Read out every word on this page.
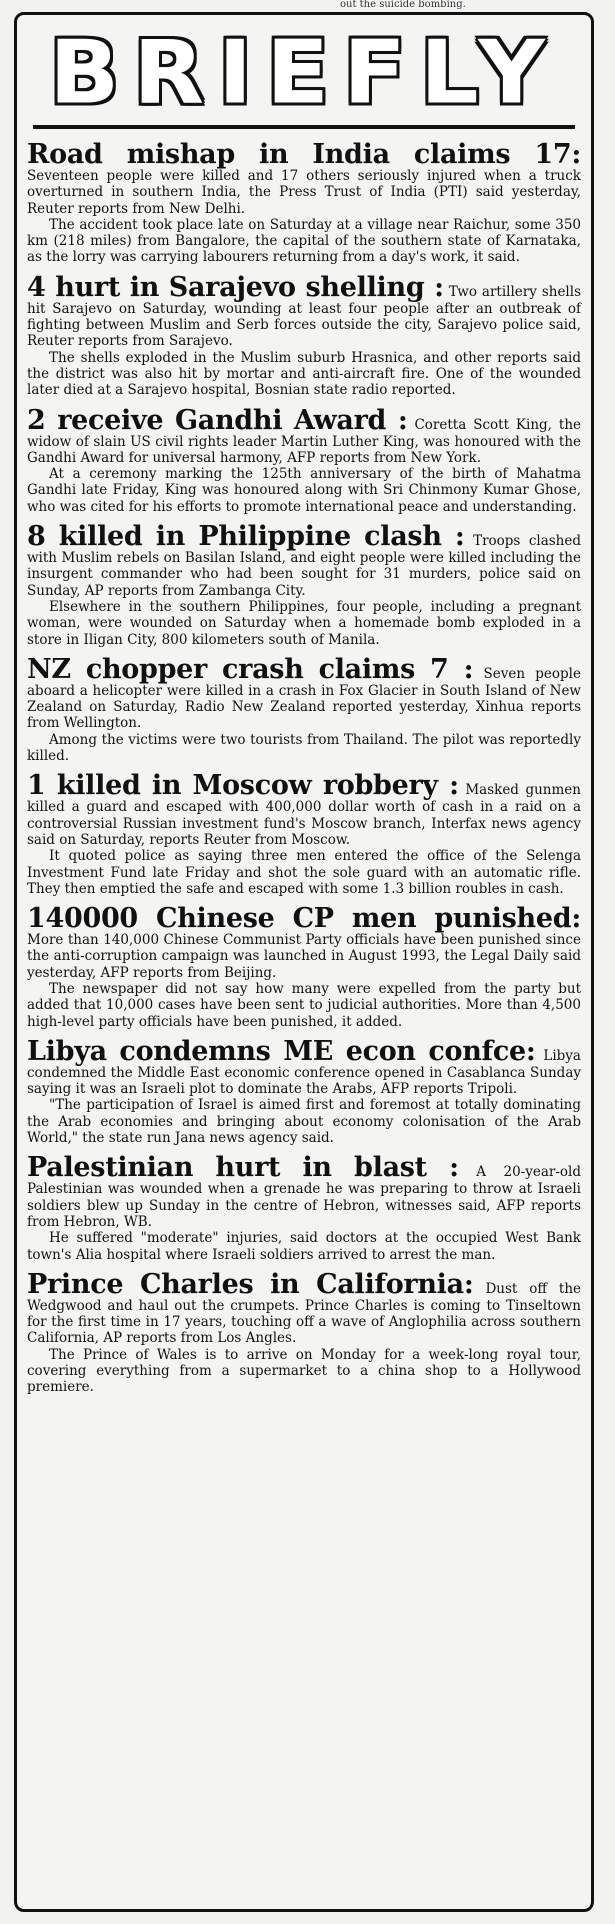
out the suicide bombing.
BRIEFLY

Road mishap in India claims 17: Seventeen people were killed and 17 others seriously injured when a truck overturned in southern India, the Press Trust of India (PTI) said yesterday, Reuter reports from New Delhi.

The accident took place late on Saturday at a village near Raichur, some 350 km (218 miles) from Bangalore, the capital of the southern state of Karnataka, as the lorry was carrying labourers returning from a day's work, it said.

4 hurt in Sarajevo shelling : Two artillery shells hit Sarajevo on Saturday, wounding at least four people after an outbreak of fighting between Muslim and Serb forces outside the city, Sarajevo police said, Reuter reports from Sarajevo.

The shells exploded in the Muslim suburb Hrasnica, and other reports said the district was also hit by mortar and anti-aircraft fire. One of the wounded later died at a Sarajevo hospital, Bosnian state radio reported.

2 receive Gandhi Award : Coretta Scott King, the widow of slain US civil rights leader Martin Luther King, was honoured with the Gandhi Award for universal harmony, AFP reports from New York.

At a ceremony marking the 125th anniversary of the birth of Mahatma Gandhi late Friday, King was honoured along with Sri Chinmony Kumar Ghose, who was cited for his efforts to promote international peace and understanding.

8 killed in Philippine clash : Troops clashed with Muslim rebels on Basilan Island, and eight people were killed including the insurgent commander who had been sought for 31 murders, police said on Sunday, AP reports from Zambanga City.

Elsewhere in the southern Philippines, four people, including a pregnant woman, were wounded on Saturday when a homemade bomb exploded in a store in Iligan City, 800 kilometers south of Manila.

NZ chopper crash claims 7 : Seven people aboard a helicopter were killed in a crash in Fox Glacier in South Island of New Zealand on Saturday, Radio New Zealand reported yesterday, Xinhua reports from Wellington.

Among the victims were two tourists from Thailand. The pilot was reportedly killed.

1 killed in Moscow robbery : Masked gunmen killed a guard and escaped with 400,000 dollar worth of cash in a raid on a controversial Russian investment fund's Moscow branch, Interfax news agency said on Saturday, reports Reuter from Moscow.

It quoted police as saying three men entered the office of the Selenga Investment Fund late Friday and shot the sole guard with an automatic rifle. They then emptied the safe and escaped with some 1.3 billion roubles in cash.

140000 Chinese CP men punished: More than 140,000 Chinese Communist Party officials have been punished since the anti-corruption campaign was launched in August 1993, the Legal Daily said yesterday, AFP reports from Beijing.

The newspaper did not say how many were expelled from the party but added that 10,000 cases have been sent to judicial authorities. More than 4,500 high-level party officials have been punished, it added.

Libya condemns ME econ confce: Libya condemned the Middle East economic conference opened in Casablanca Sunday saying it was an Israeli plot to dominate the Arabs, AFP reports Tripoli.

"The participation of Israel is aimed first and foremost at totally dominating the Arab economies and bringing about economy colonisation of the Arab World," the state run Jana news agency said.

Palestinian hurt in blast : A 20-year-old Palestinian was wounded when a grenade he was preparing to throw at Israeli soldiers blew up Sunday in the centre of Hebron, witnesses said, AFP reports from Hebron, WB.

He suffered "moderate" injuries, said doctors at the occupied West Bank town's Alia hospital where Israeli soldiers arrived to arrest the man.

Prince Charles in California: Dust off the Wedgwood and haul out the crumpets. Prince Charles is coming to Tinseltown for the first time in 17 years, touching off a wave of Anglophilia across southern California, AP reports from Los Angles.

The Prince of Wales is to arrive on Monday for a week-long royal tour, covering everything from a supermarket to a china shop to a Hollywood premiere.
